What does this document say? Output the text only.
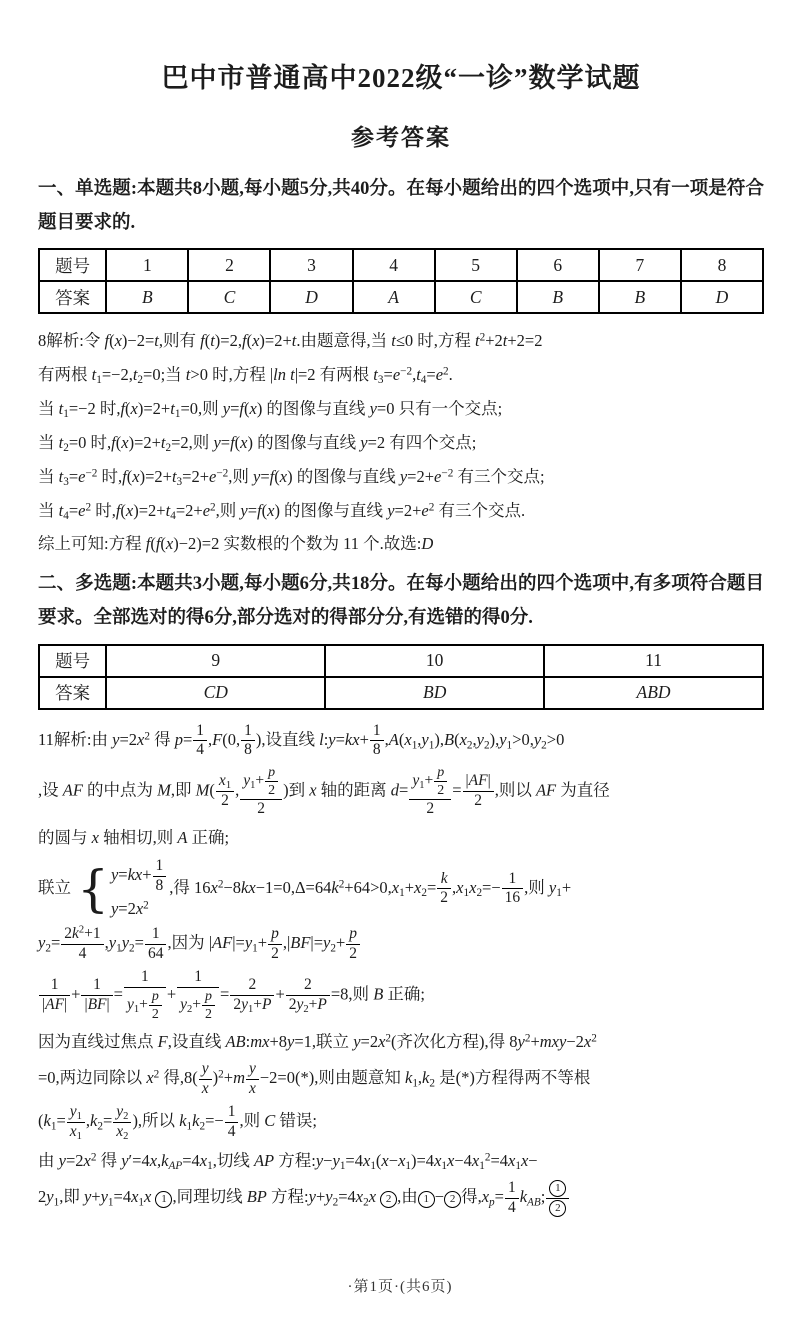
巴中市普通高中2022级“一诊”数学试题
参考答案

一、单选题:本题共8小题,每小题5分,共40分。在每小题给出的四个选项中,只有一项是符合题目要求的.

题号	1	2	3	4	5	6	7	8
答案	B	C	D	A	C	B	B	D
8解析:令 f(x)−2=t,则有 f(t)=2,f(x)=2+t.由题意得,当 t≤0 时,方程 $t^2+2t+2=2$
有两根 $t_1=-2,t_2=0$;当 t>0 时,方程 |ln t|=2 有两根 $t_3=e^{-2},t_4=e^2$.
当 $t_1=-2$ 时$,f(x)=2+t_1=0$,则 y=f(x) 的图像与直线 y=0 只有一个交点;
当 $t_2=0$ 时$,f(x)=2+t_2=2$,则 y=f(x) 的图像与直线 y=2 有四个交点;
当 $t_3=e^{-2}$ 时$,f(x)=2+t_3=2+e^{-2}$,则 y=f(x) 的图像与直线 $y=2+e^{-2}$ 有三个交点;
当 $t_4=e^2$ 时$,f(x)=2+t_4=2+e^2$,则 y=f(x) 的图像与直线 $y=2+e^2$ 有三个交点.
综上可知:方程 f(f(x)−2)=2 实数根的个数为 11 个.故选:D

二、多选题:本题共3小题,每小题6分,共18分。在每小题给出的四个选项中,有多项符合题目要求。全部选对的得6分,部分选对的得部分分,有选错的得0分.

题号	9	10	11
答案	CD	BD	ABD
11解析:由 $y=2x^2$ 得 $p= \frac{1}{4} ,F(0$, $\frac{1}{8}$ ),设直线 l:y=kx+ $\frac{1}{8} ,A(x_1,y_1),B(x_2,y_2),y_1>0,y_2>0$
,设 AF 的中点为 M,即 $M( \frac{x_1}{2}$ , $\frac{y_1+ \frac{p}{2}}{2}$ )到 x 轴的距离 $d= \frac{y_1+ \frac{p}{2}}{2} = \frac{|AF|}{2}$ ,则以 AF 为直径
的圆与 x 轴相切,则 A 正确;
联立 { $y=kx+ \frac{1}{8}$
$y=2x^2$
,得 $16x^2-8kx-1=0,\Delta=64k^2+64>0,x_1+x_2= \frac{k}{2} ,x_1x_2=- \frac{1}{16}$ ,则 $y_1+$
$y_2= \frac{2k^2+1}{4} ,y_1y_2= \frac{1}{64}$ ,因为 $|AF|=y_1+ \frac{p}{2} ,|BF|=y_2+ \frac{p}{2}$
$\frac{1}{|AF|} + \frac{1}{|BF|} = \frac{1}{y_1+ \frac{p}{2}} + \frac{1}{y_2+ \frac{p}{2}} = \frac{2}{2y_1+P} + \frac{2}{2y_2+P} =8$,则 B 正确;
因为直线过焦点 F,设直线 AB:mx+8y=1,联立 $y=2x^2$(齐次化方程),得 $8y^2+mxy-2x^2$
=0,两边同除以 $x^2$ 得$,8( \frac{y}{x} )^2+m \frac{y}{x} -2=0(*)$,则由题意知 $k_1,k_2$ 是(*)方程得两不等根
($k_1= \frac{y_1}{x_1} ,k_2= \frac{y_2}{x_2}$ ),所以 $k_1k_2=- \frac{1}{4}$ ,则 C 错误;
由 $y=2x^2$ 得 $y'=4x,k_{AP}=4x_1$,切线 AP 方程$:y-y_1=4x_1(x-x_1)=4x_1x-4x_1^2=4x_1x-$
$2y_1$,即 $y+y_1=4x_1x$ 1 ,同理切线 BP 方程$:y+y_2=4x_2x$ 2 ,由 1 − 2 得$,x_p= \frac{1}{4} k_{AB}$; $\frac{1}{2}$
·第1页·(共6页)
